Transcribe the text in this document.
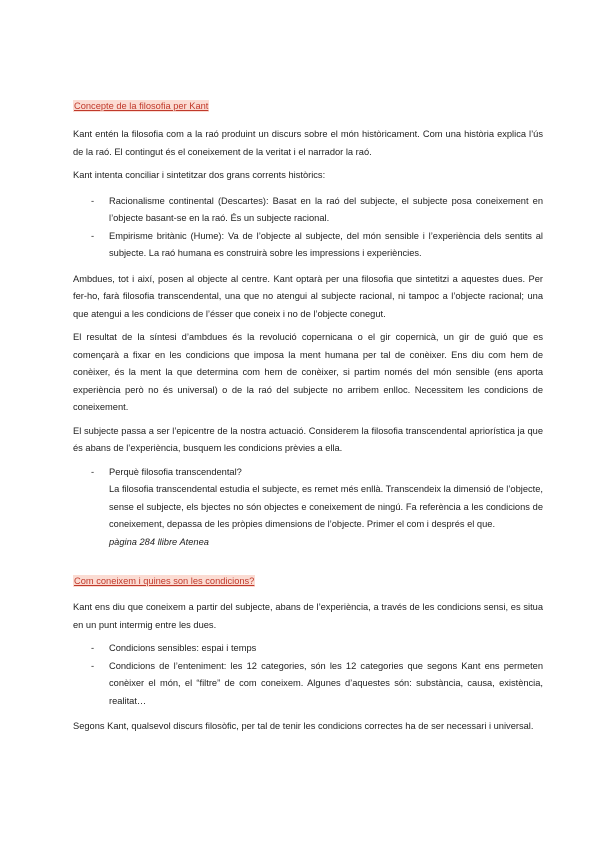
Concepte de la filosofia per Kant

Kant entén la filosofia com a la raó produint un discurs sobre el món històricament. Com una història explica l’ús de la raó. El contingut és el coneixement de la veritat i el narrador la raó.

Kant intenta conciliar i sintetitzar dos grans corrents històrics:

- Racionalisme continental (Descartes): Basat en la raó del subjecte, el subjecte posa coneixement en l’objecte basant-se en la raó. És un subjecte racional.

- Empirisme britànic (Hume): Va de l’objecte al subjecte, del món sensible i l’experiència dels sentits al subjecte. La raó humana es construirà sobre les impressions i experiències.

Ambdues, tot i així, posen al objecte al centre. Kant optarà per una filosofia que sintetitzi a aquestes dues. Per fer-ho, farà filosofia transcendental, una que no atengui al subjecte racional, ni tampoc a l’objecte racional; una que atengui a les condicions de l’ésser que coneix i no de l’objecte conegut.

El resultat de la síntesi d’ambdues és la revolució copernicana o el gir copernicà, un gir de guió que es començarà a fixar en les condicions que imposa la ment humana per tal de conèixer. Ens diu com hem de conèixer, és la ment la que determina com hem de conèixer, si partim només del món sensible (ens aporta experiència però no és universal) o de la raó del subjecte no arribem enlloc. Necessitem les condicions de coneixement.

El subjecte passa a ser l’epicentre de la nostra actuació. Considerem la filosofia transcendental apriorística ja que és abans de l’experiència, busquem les condicions prèvies a ella.

- Perquè filosofia transcendental?

La filosofia transcendental estudia el subjecte, es remet més enllà. Transcendeix la dimensió de l’objecte, sense el subjecte, els bjectes no són objectes e coneixement de ningú. Fa referència a les condicions de coneixement, depassa de les pròpies dimensions de l’objecte. Primer el com i després el que.

pàgina 284 llibre Atenea

Com coneixem i quines son les condicions?

Kant ens diu que coneixem a partir del subjecte, abans de l’experiència, a través de les condicions sensi, es situa en un punt intermig entre les dues.

- Condicions sensibles: espai i temps

- Condicions de l’enteniment: les 12 categories, són les 12 categories que segons Kant ens permeten conèixer el món, el “filtre” de com coneixem. Algunes d’aquestes són: substància, causa, existència, realitat…

Segons Kant, qualsevol discurs filosòfic, per tal de tenir les condicions correctes ha de ser necessari i universal.
